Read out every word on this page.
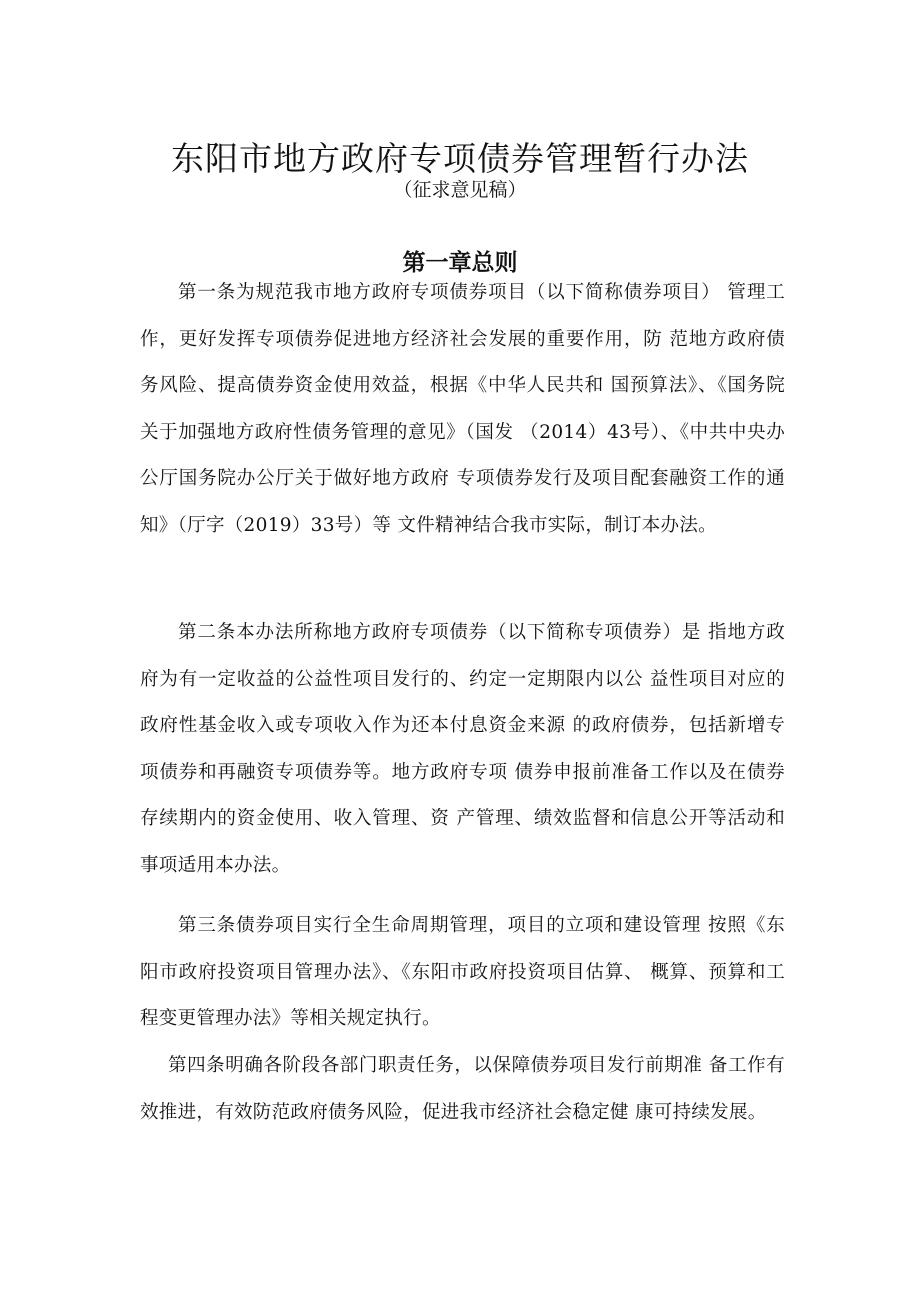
东阳市地方政府专项债券管理暂行办法
（征求意见稿）
第一章总则

第一条为规范我市地方政府专项债券项目（以下简称债券项目） 管理工作，更好发挥专项债券促进地方经济社会发展的重要作用，防 范地方政府债务风险、提高债券资金使用效益，根据《中华人民共和 国预算法》、《国务院关于加强地方政府性债务管理的意见》（国发 （2014）43号）、《中共中央办公厅国务院办公厅关于做好地方政府 专项债券发行及项目配套融资工作的通知》（厅字（2019）33号）等 文件精神结合我市实际，制订本办法。

第二条本办法所称地方政府专项债券（以下简称专项债券）是 指地方政府为有一定收益的公益性项目发行的、约定一定期限内以公 益性项目对应的政府性基金收入或专项收入作为还本付息资金来源 的政府债券，包括新增专项债券和再融资专项债券等。地方政府专项 债券申报前准备工作以及在债券存续期内的资金使用、收入管理、资 产管理、绩效监督和信息公开等活动和事项适用本办法。

第三条债券项目实行全生命周期管理，项目的立项和建设管理 按照《东阳市政府投资项目管理办法》、《东阳市政府投资项目估算、 概算、预算和工程变更管理办法》等相关规定执行。

第四条明确各阶段各部门职责任务，以保障债券项目发行前期准 备工作有效推进，有效防范政府债务风险，促进我市经济社会稳定健 康可持续发展。
